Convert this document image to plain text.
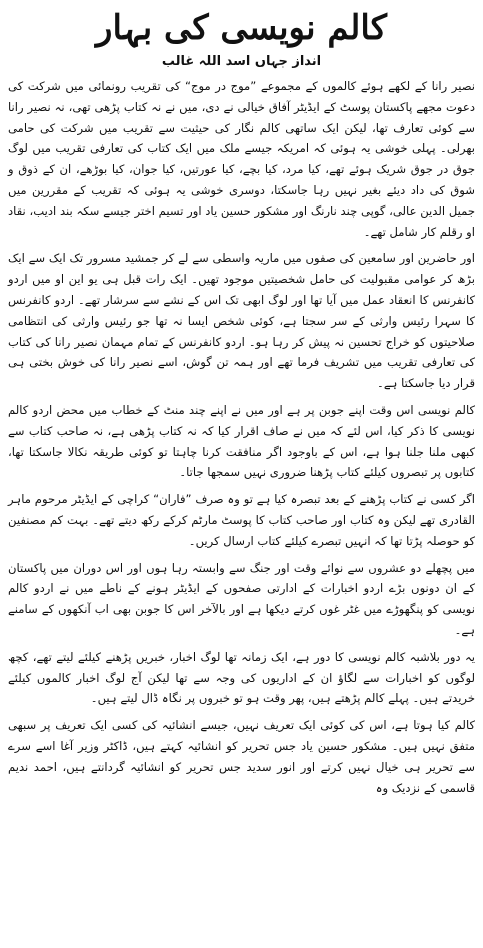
کالم نویسی کی بہار
انداز جہاں اسد اللہ غالب

نصیر رانا کے لکھے ہوئے کالموں کے مجموعے ”موج در موج“ کی تقریب رونمائی میں شرکت کی دعوت مجھے پاکستان پوسٹ کے ایڈیٹر آفاق خیالی نے دی، میں نے نہ کتاب پڑھی تھی، نہ نصیر رانا سے کوئی تعارف تھا، لیکن ایک ساتھی کالم نگار کی حیثیت سے تقریب میں شرکت کی حامی بھرلی۔ پہلی خوشی یہ ہوئی کہ امریکہ جیسے ملک میں ایک کتاب کی تعارفی تقریب میں لوگ جوق در جوق شریک ہوئے تھے، کیا مرد، کیا بچے، کیا عورتیں، کیا جوان، کیا بوڑھے، ان کے ذوق و شوق کی داد دیئے بغیر نہیں رہا جاسکتا، دوسری خوشی یہ ہوئی کہ تقریب کے مقررین میں جمیل الدین عالی، گوپی چند نارنگ اور مشکور حسین یاد اور تسیم اختر جیسے سکہ بند ادیب، نقاد او رقلم کار شامل تھے۔

اور حاضرین اور سامعین کی صفوں میں ماریہ واسطی سے لے کر جمشید مسرور تک ایک سے ایک بڑھ کر عوامی مقبولیت کی حامل شخصیتیں موجود تھیں۔ ایک رات قبل ہی یو این او میں اردو کانفرنس کا انعقاد عمل میں آیا تھا اور لوگ ابھی تک اس کے نشے سے سرشار تھے۔ اردو کانفرنس کا سہرا رئیس وارثی کے سر سجتا ہے، کوئی شخص ایسا نہ تھا جو رئیس وارثی کی انتظامی صلاحیتوں کو خراج تحسین نہ پیش کر رہا ہو۔ اردو کانفرنس کے تمام مہمان نصیر رانا کی کتاب کی تعارفی تقریب میں تشریف فرما تھے اور ہمہ تن گوش، اسے نصیر رانا کی خوش بختی ہی قرار دیا جاسکتا ہے۔

کالم نویسی اس وقت اپنے جوبن پر ہے اور میں نے اپنے چند منٹ کے خطاب میں محض اردو کالم نویسی کا ذکر کیا، اس لئے کہ میں نے صاف اقرار کیا کہ نہ کتاب پڑھی ہے، نہ صاحب کتاب سے کبھی ملنا جلنا ہوا ہے، اس کے باوجود اگر منافقت کرنا چاہتا تو کوئی طریقہ نکالا جاسکتا تھا، کتابوں پر تبصروں کیلئے کتاب پڑھنا ضروری نہیں سمجھا جاتا۔

اگر کسی نے کتاب پڑھنے کے بعد تبصرہ کیا ہے تو وہ صرف ”فاران“ کراچی کے ایڈیٹر مرحوم ماہر القادری تھے لیکن وہ کتاب اور صاحب کتاب کا پوسٹ مارٹم کرکے رکھ دیتے تھے۔ بہت کم مصنفین کو حوصلہ پڑتا تھا کہ انہیں تبصرے کیلئے کتاب ارسال کریں۔

میں پچھلے دو عشروں سے نوائے وقت اور جنگ سے وابستہ رہا ہوں اور اس دوران میں پاکستان کے ان دونوں بڑے اردو اخبارات کے ادارتی صفحوں کے ایڈیٹر ہونے کے ناطے میں نے اردو کالم نویسی کو پنگھوڑے میں غٹر غوں کرتے دیکھا ہے اور بالآخر اس کا جوبن بھی اب آنکھوں کے سامنے ہے۔

یہ دور بلاشبہ کالم نویسی کا دور ہے، ایک زمانہ تھا لوگ اخبار، خبریں پڑھنے کیلئے لیتے تھے، کچھ لوگوں کو اخبارات سے لگاؤ ان کے اداریوں کی وجہ سے تھا لیکن آج لوگ اخبار کالموں کیلئے خریدتے ہیں۔ پہلے کالم پڑھتے ہیں، پھر وقت ہو تو خبروں پر نگاہ ڈال لیتے ہیں۔

کالم کیا ہوتا ہے، اس کی کوئی ایک تعریف نہیں، جیسے انشائیہ کی کسی ایک تعریف پر سبھی متفق نہیں ہیں۔ مشکور حسین یاد جس تحریر کو انشائیہ کہتے ہیں، ڈاکٹر وزیر آغا اسے سرے سے تحریر ہی خیال نہیں کرتے اور انور سدید جس تحریر کو انشائیہ گردانتے ہیں، احمد ندیم قاسمی کے نزدیک وہ
